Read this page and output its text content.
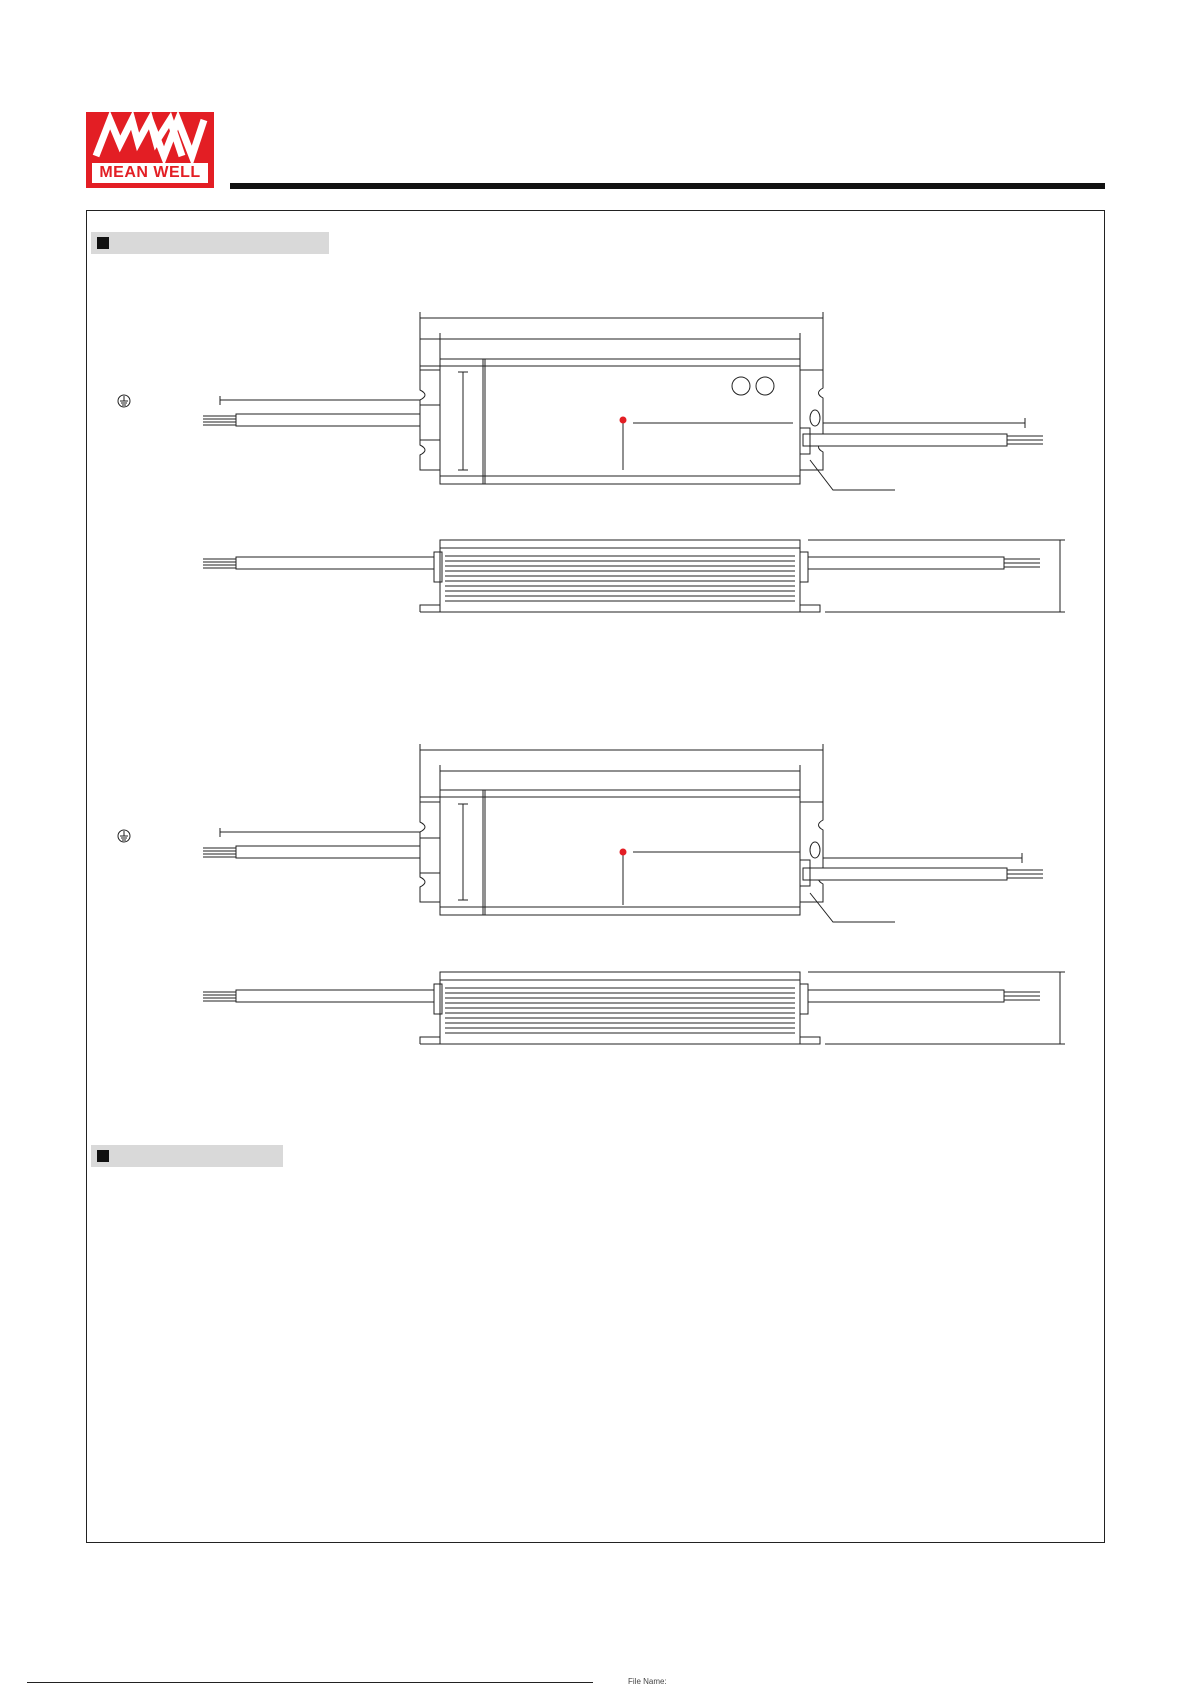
MEAN WELL
File Name:
